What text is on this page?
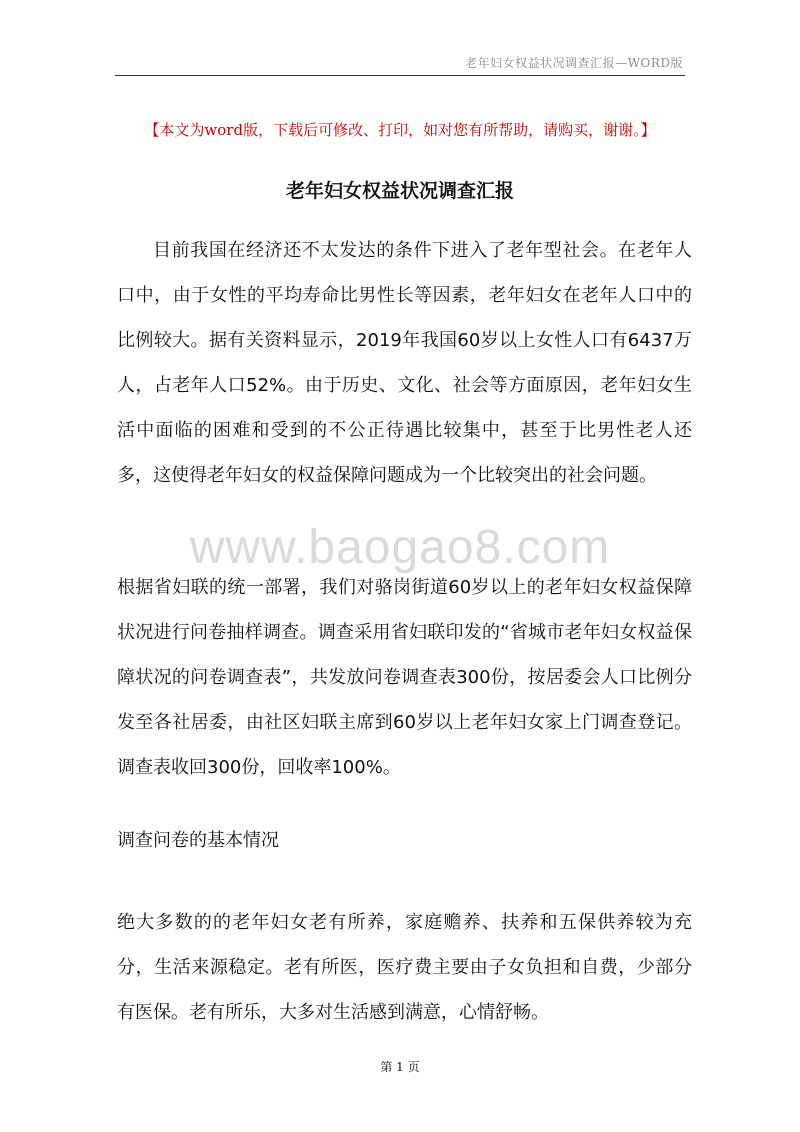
老年妇女权益状况调查汇报—WORD版
【本文为word版，下载后可修改、打印，如对您有所帮助，请购买，谢谢。】
老年妇女权益状况调查汇报

目前我国在经济还不太发达的条件下进入了老年型社会。在老年人口中，由于女性的平均寿命比男性长等因素，老年妇女在老年人口中的比例较大。据有关资料显示，2019年我国60岁以上女性人口有6437万人，占老年人口52%。由于历史、文化、社会等方面原因，老年妇女生活中面临的困难和受到的不公正待遇比较集中，甚至于比男性老人还多，这使得老年妇女的权益保障问题成为一个比较突出的社会问题。

www.baogao8.com

根据省妇联的统一部署，我们对骆岗街道60岁以上的老年妇女权益保障状况进行问卷抽样调查。调查采用省妇联印发的“省城市老年妇女权益保障状况的问卷调查表”，共发放问卷调查表300份，按居委会人口比例分发至各社居委，由社区妇联主席到60岁以上老年妇女家上门调查登记。调查表收回300份，回收率100%。

调查问卷的基本情况

绝大多数的的老年妇女老有所养，家庭赡养、扶养和五保供养较为充分，生活来源稳定。老有所医，医疗费主要由子女负担和自费，少部分有医保。老有所乐，大多对生活感到满意，心情舒畅。

第 1 页
